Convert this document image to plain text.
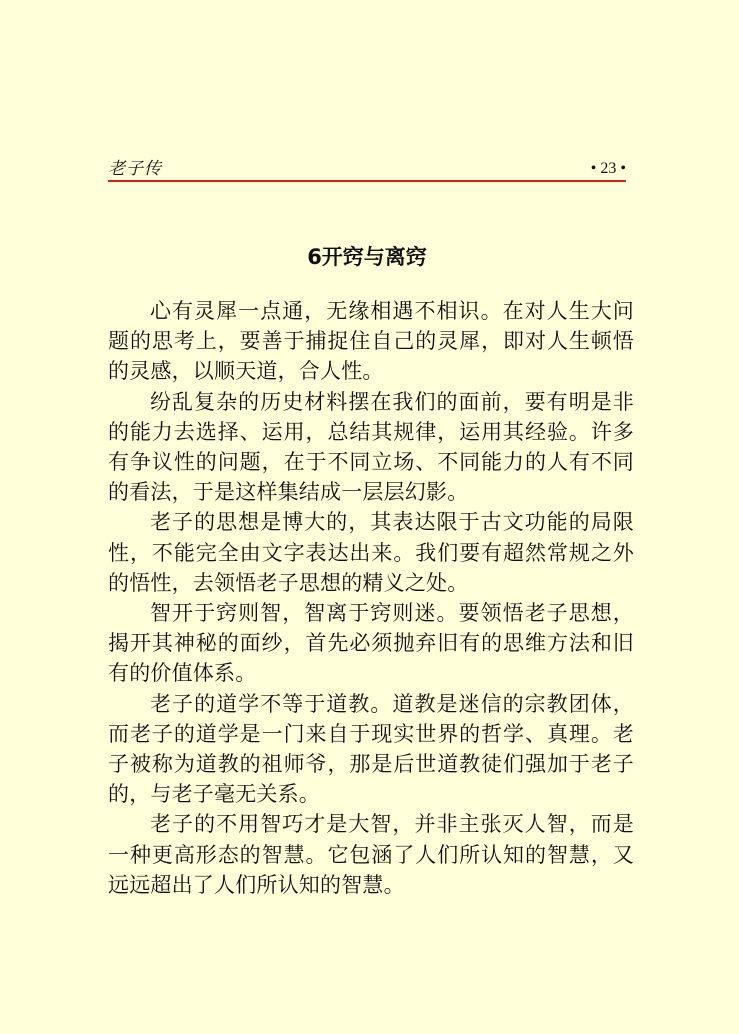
老子传	• 23 •
6开窍与离窍

心有灵犀一点通，无缘相遇不相识。在对人生大问题的思考上，要善于捕捉住自己的灵犀，即对人生顿悟的灵感，以顺天道，合人性。

纷乱复杂的历史材料摆在我们的面前，要有明是非的能力去选择、运用，总结其规律，运用其经验。许多有争议性的问题，在于不同立场、不同能力的人有不同的看法，于是这样集结成一层层幻影。

老子的思想是博大的，其表达限于古文功能的局限性，不能完全由文字表达出来。我们要有超然常规之外的悟性，去领悟老子思想的精义之处。

智开于窍则智，智离于窍则迷。要领悟老子思想，揭开其神秘的面纱，首先必须抛弃旧有的思维方法和旧有的价值体系。

老子的道学不等于道教。道教是迷信的宗教团体，而老子的道学是一门来自于现实世界的哲学、真理。老子被称为道教的祖师爷，那是后世道教徒们强加于老子的，与老子毫无关系。

老子的不用智巧才是大智，并非主张灭人智，而是一种更高形态的智慧。它包涵了人们所认知的智慧，又远远超出了人们所认知的智慧。
